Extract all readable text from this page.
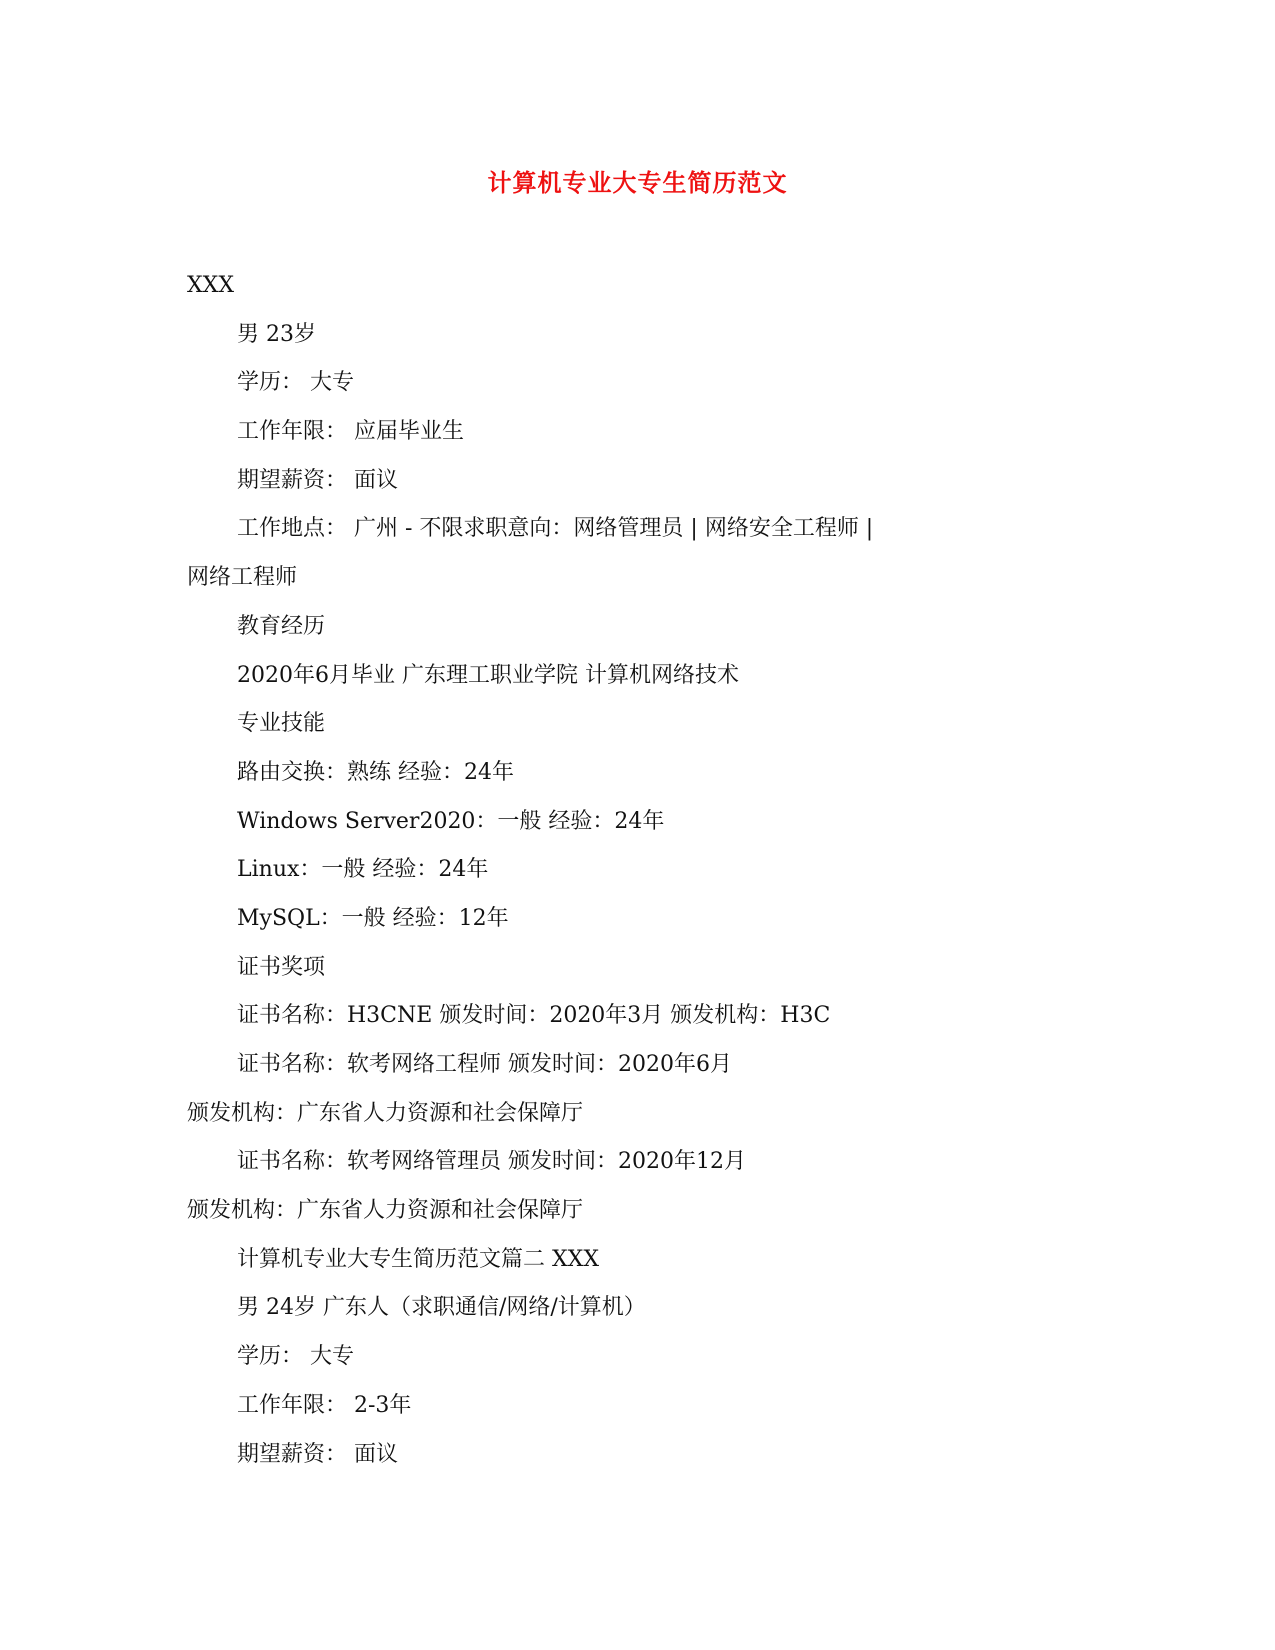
计算机专业大专生简历范文
XXX
男 23岁
学历： 大专
工作年限： 应届毕业生
期望薪资： 面议
工作地点： 广州 - 不限求职意向：网络管理员 | 网络安全工程师 |
网络工程师
教育经历
2020年6月毕业 广东理工职业学院 计算机网络技术
专业技能
路由交换：熟练 经验：24年
Windows Server2020：一般 经验：24年
Linux：一般 经验：24年
MySQL：一般 经验：12年
证书奖项
证书名称：H3CNE 颁发时间：2020年3月 颁发机构：H3C
证书名称：软考网络工程师 颁发时间：2020年6月
颁发机构：广东省人力资源和社会保障厅
证书名称：软考网络管理员 颁发时间：2020年12月
颁发机构：广东省人力资源和社会保障厅
计算机专业大专生简历范文篇二 XXX
男 24岁 广东人（求职通信/网络/计算机）
学历： 大专
工作年限： 2-3年
期望薪资： 面议
